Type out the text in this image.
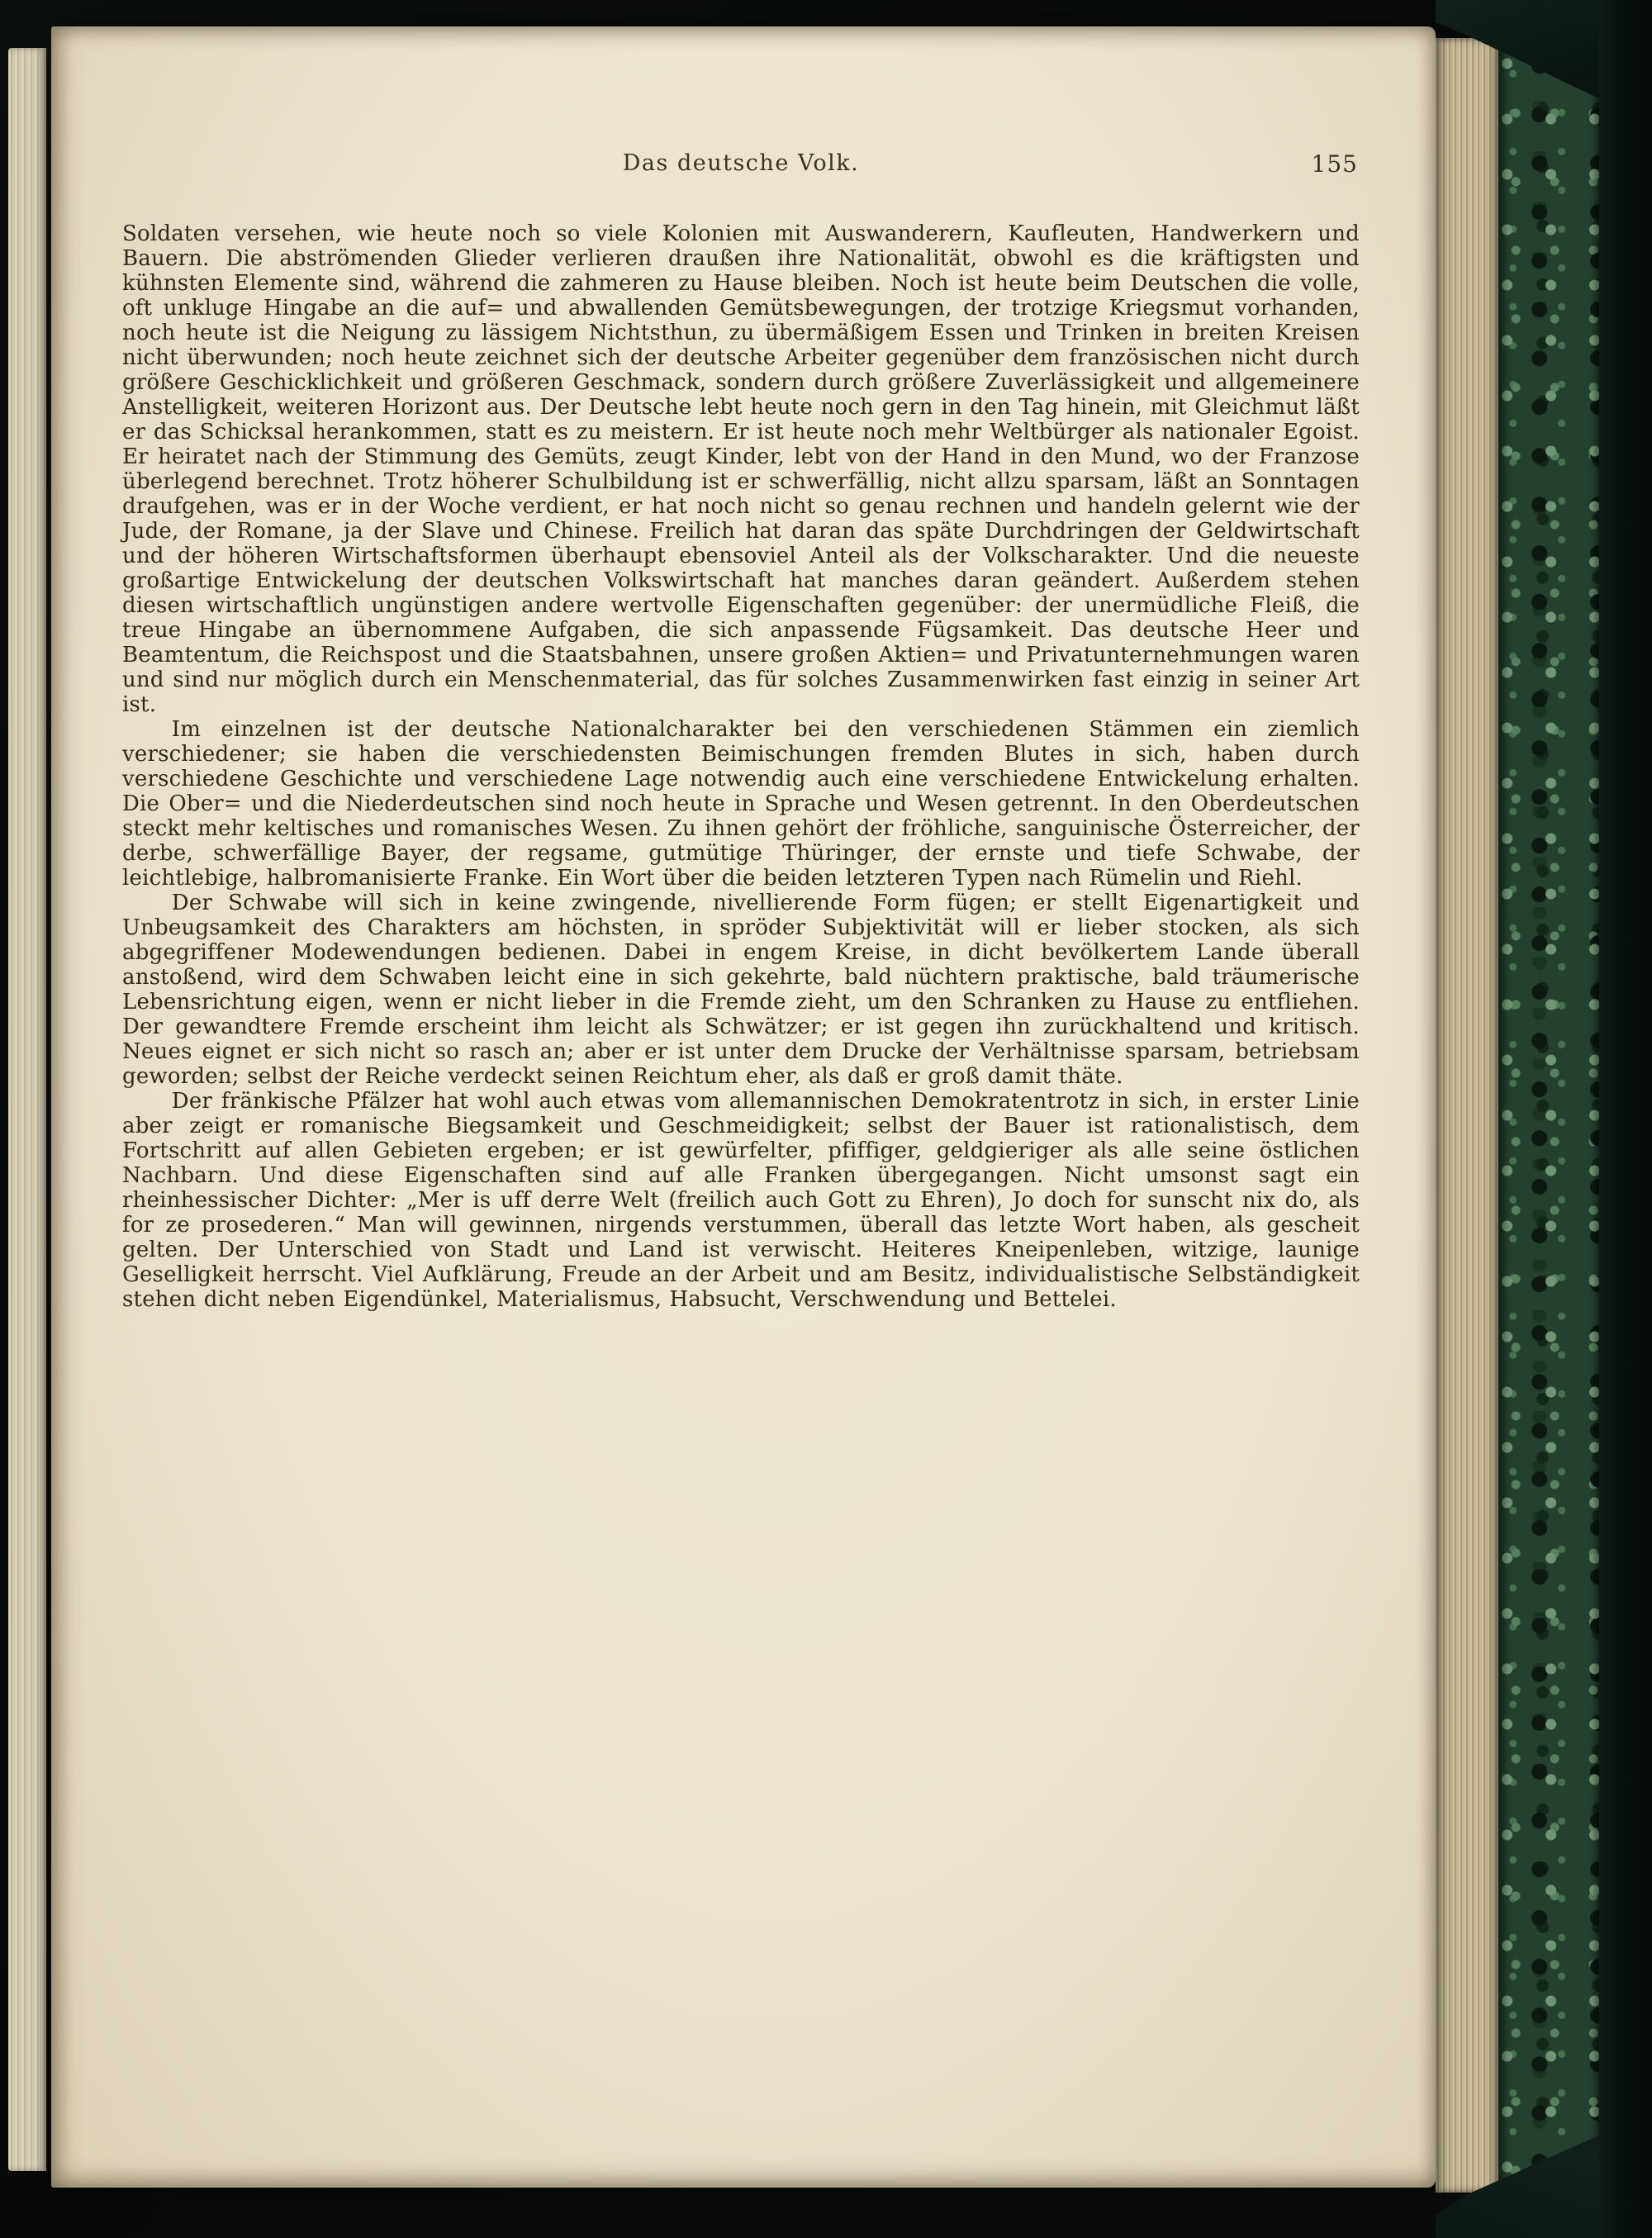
Das deutsche Volk.	155

Soldaten versehen, wie heute noch so viele Kolonien mit Auswanderern, Kaufleuten, Handwerkern und Bauern. Die abströmenden Glieder verlieren draußen ihre Nationalität, obwohl es die kräftigsten und kühnsten Elemente sind, während die zahmeren zu Hause bleiben. Noch ist heute beim Deutschen die volle, oft unkluge Hingabe an die auf= und abwallenden Gemütsbewegungen, der trotzige Kriegsmut vorhanden, noch heute ist die Neigung zu lässigem Nichtsthun, zu übermäßigem Essen und Trinken in breiten Kreisen nicht überwunden; noch heute zeichnet sich der deutsche Arbeiter gegenüber dem französischen nicht durch größere Geschicklichkeit und größeren Geschmack, sondern durch größere Zuverlässigkeit und allgemeinere Anstelligkeit, weiteren Horizont aus. Der Deutsche lebt heute noch gern in den Tag hinein, mit Gleichmut läßt er das Schicksal herankommen, statt es zu meistern. Er ist heute noch mehr Weltbürger als nationaler Egoist. Er heiratet nach der Stimmung des Gemüts, zeugt Kinder, lebt von der Hand in den Mund, wo der Franzose überlegend berechnet. Trotz höherer Schulbildung ist er schwerfällig, nicht allzu sparsam, läßt an Sonntagen draufgehen, was er in der Woche verdient, er hat noch nicht so genau rechnen und handeln gelernt wie der Jude, der Romane, ja der Slave und Chinese. Freilich hat daran das späte Durchdringen der Geldwirtschaft und der höheren Wirtschaftsformen überhaupt ebensoviel Anteil als der Volkscharakter. Und die neueste großartige Entwickelung der deutschen Volkswirtschaft hat manches daran geändert. Außerdem stehen diesen wirtschaftlich ungünstigen andere wertvolle Eigenschaften gegenüber: der unermüdliche Fleiß, die treue Hingabe an übernommene Aufgaben, die sich anpassende Fügsamkeit. Das deutsche Heer und Beamtentum, die Reichspost und die Staatsbahnen, unsere großen Aktien= und Privatunternehmungen waren und sind nur möglich durch ein Menschenmaterial, das für solches Zusammenwirken fast einzig in seiner Art ist.

Im einzelnen ist der deutsche Nationalcharakter bei den verschiedenen Stämmen ein ziemlich verschiedener; sie haben die verschiedensten Beimischungen fremden Blutes in sich, haben durch verschiedene Geschichte und verschiedene Lage notwendig auch eine verschiedene Entwickelung erhalten. Die Ober= und die Niederdeutschen sind noch heute in Sprache und Wesen getrennt. In den Oberdeutschen steckt mehr keltisches und romanisches Wesen. Zu ihnen gehört der fröhliche, sanguinische Österreicher, der derbe, schwerfällige Bayer, der regsame, gutmütige Thüringer, der ernste und tiefe Schwabe, der leichtlebige, halbromanisierte Franke. Ein Wort über die beiden letzteren Typen nach Rümelin und Riehl.

Der Schwabe will sich in keine zwingende, nivellierende Form fügen; er stellt Eigenartigkeit und Unbeugsamkeit des Charakters am höchsten, in spröder Subjektivität will er lieber stocken, als sich abgegriffener Modewendungen bedienen. Dabei in engem Kreise, in dicht bevölkertem Lande überall anstoßend, wird dem Schwaben leicht eine in sich gekehrte, bald nüchtern praktische, bald träumerische Lebensrichtung eigen, wenn er nicht lieber in die Fremde zieht, um den Schranken zu Hause zu entfliehen. Der gewandtere Fremde erscheint ihm leicht als Schwätzer; er ist gegen ihn zurückhaltend und kritisch. Neues eignet er sich nicht so rasch an; aber er ist unter dem Drucke der Verhältnisse sparsam, betriebsam geworden; selbst der Reiche verdeckt seinen Reichtum eher, als daß er groß damit thäte.

Der fränkische Pfälzer hat wohl auch etwas vom allemannischen Demokratentrotz in sich, in erster Linie aber zeigt er romanische Biegsamkeit und Geschmeidigkeit; selbst der Bauer ist rationalistisch, dem Fortschritt auf allen Gebieten ergeben; er ist gewürfelter, pfiffiger, geldgieriger als alle seine östlichen Nachbarn. Und diese Eigenschaften sind auf alle Franken übergegangen. Nicht umsonst sagt ein rheinhessischer Dichter: „Mer is uff derre Welt (freilich auch Gott zu Ehren), Jo doch for sunscht nix do, als for ze prosederen.“ Man will gewinnen, nirgends verstummen, überall das letzte Wort haben, als gescheit gelten. Der Unterschied von Stadt und Land ist verwischt. Heiteres Kneipenleben, witzige, launige Geselligkeit herrscht. Viel Aufklärung, Freude an der Arbeit und am Besitz, individualistische Selbständigkeit stehen dicht neben Eigendünkel, Materialismus, Habsucht, Verschwendung und Bettelei.
